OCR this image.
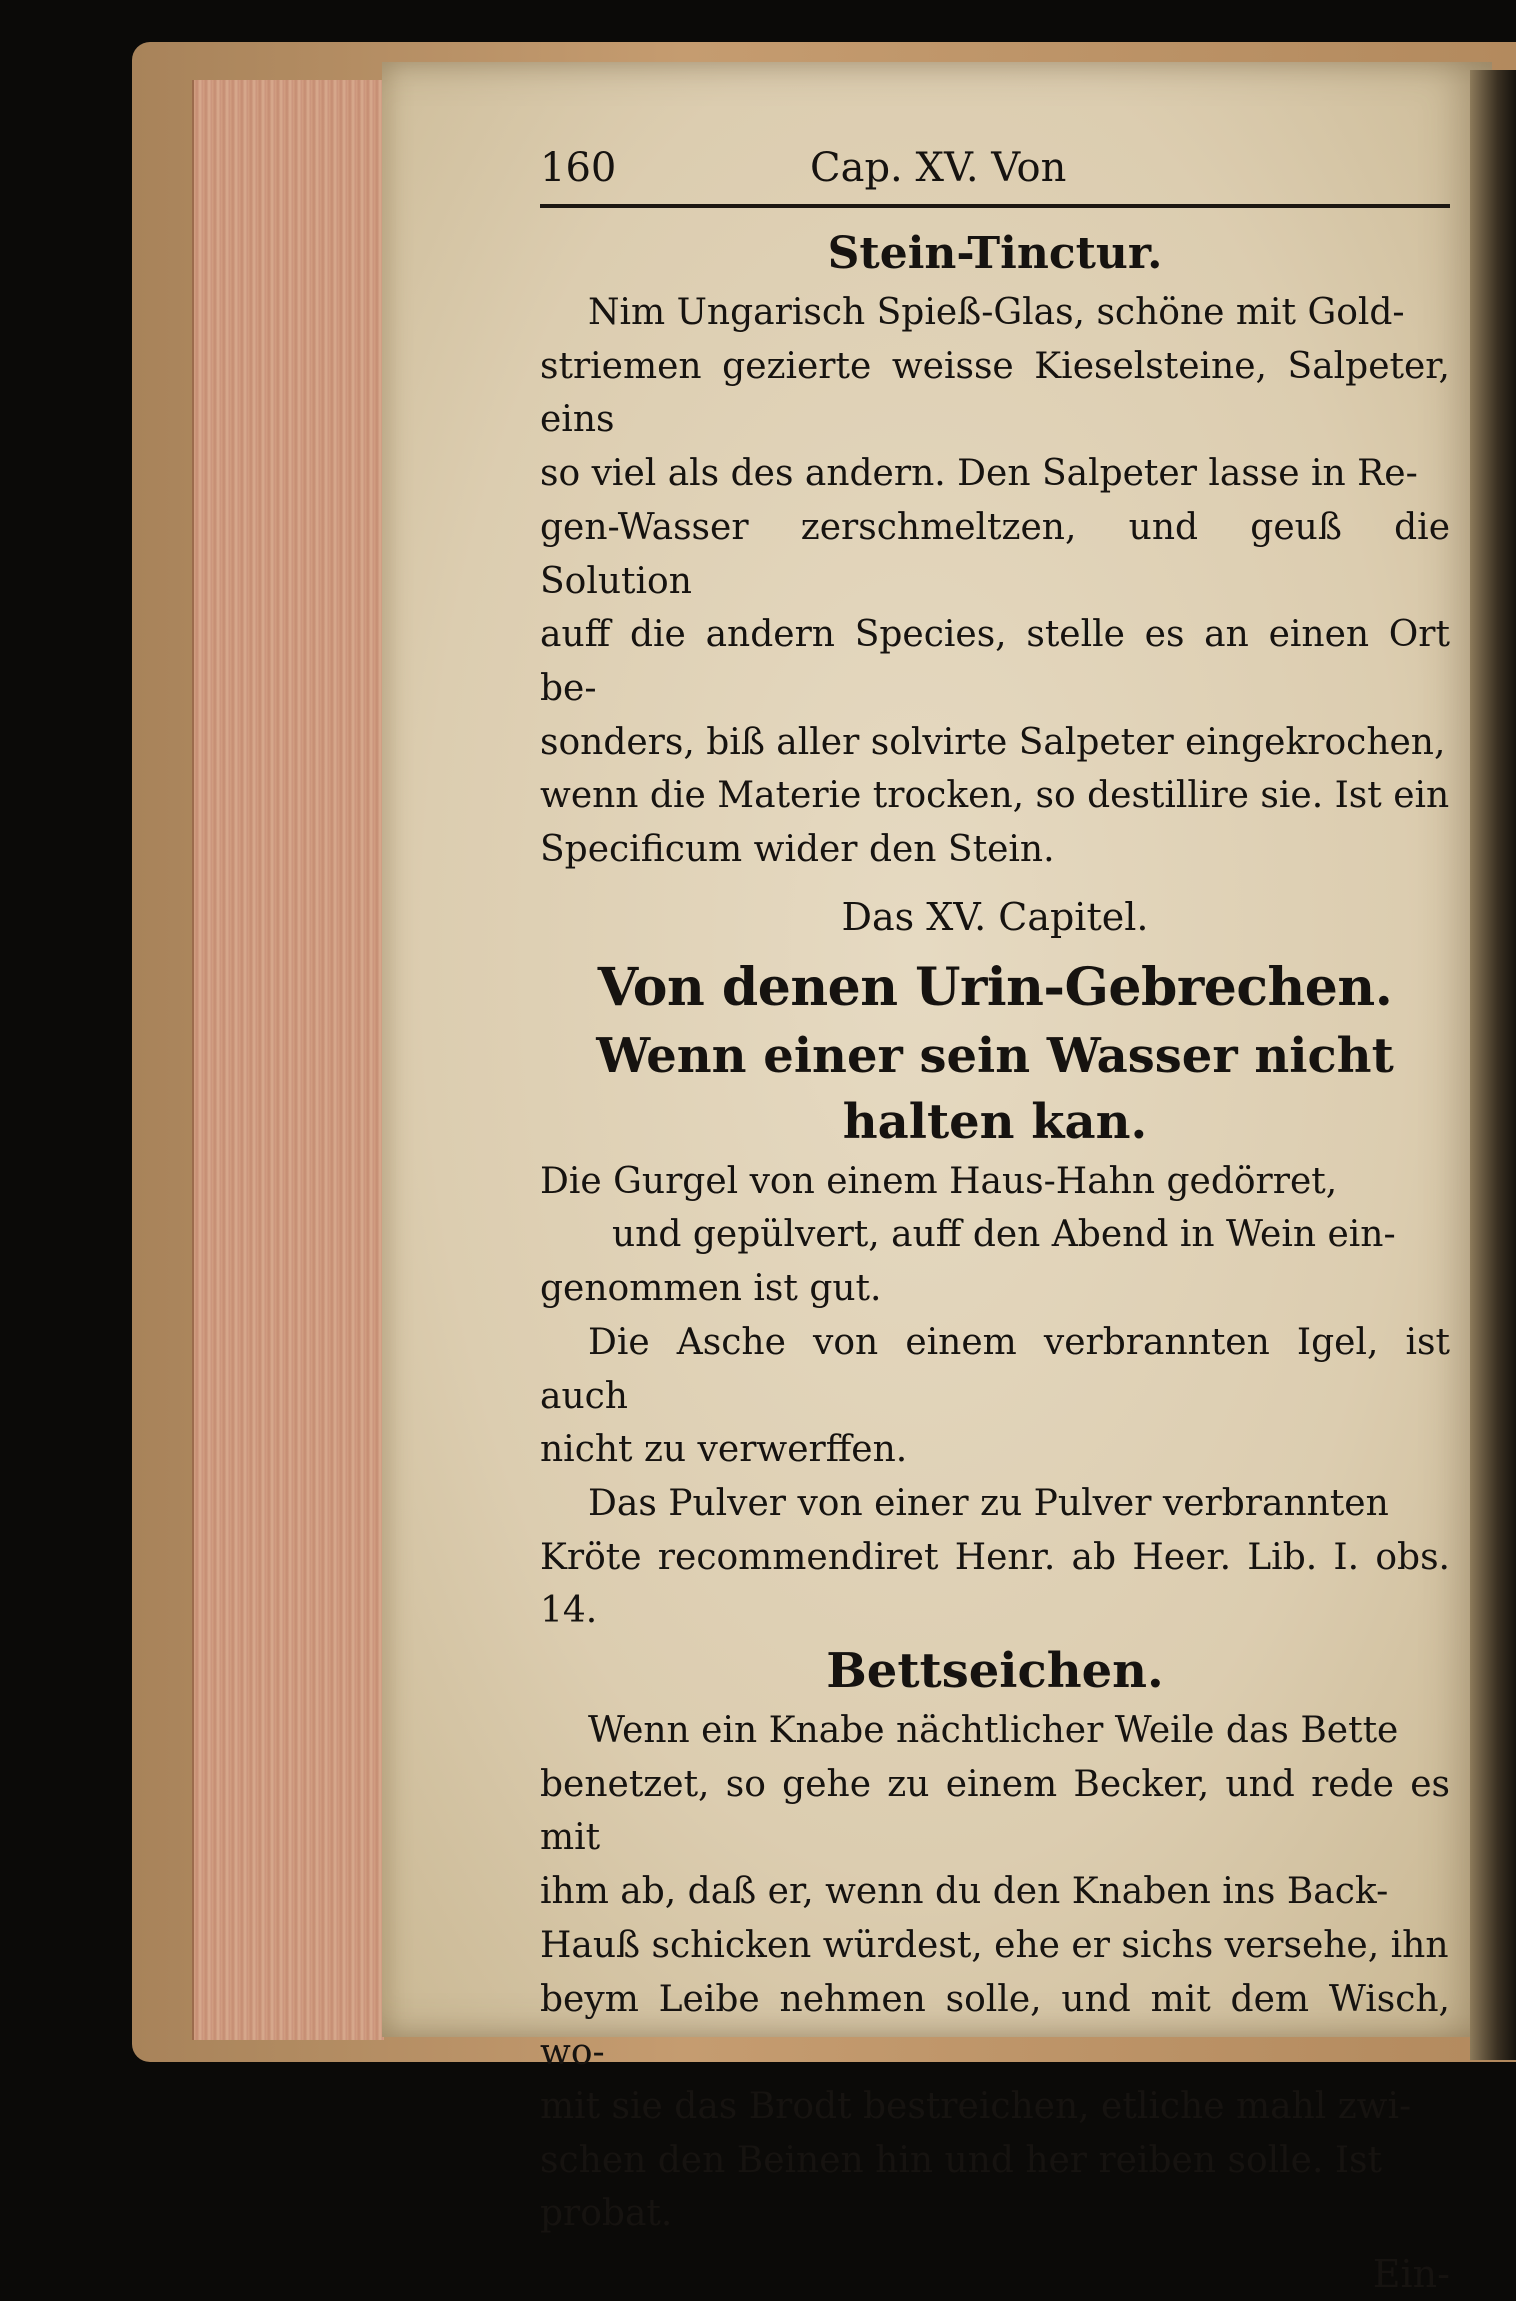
160	Cap. XV. Von
Stein-Tinctur.

Nim Ungarisch Spieß-Glas, schöne mit Gold-
striemen gezierte weisse Kieselsteine, Salpeter, eins
so viel als des andern. Den Salpeter lasse in Re-
gen-Wasser zerschmeltzen, und geuß die Solution
auff die andern Species, stelle es an einen Ort be-
sonders, biß aller solvirte Salpeter eingekrochen,
wenn die Materie trocken, so destillire sie. Ist ein
Specificum wider den Stein.

Das XV. Capitel.
Von denen Urin-Gebrechen.
Wenn einer sein Wasser nicht halten kan.

Die Gurgel von einem Haus-Hahn gedörret,
und gepülvert, auff den Abend in Wein ein-
genommen ist gut.

Die Asche von einem verbrannten Igel, ist auch
nicht zu verwerffen.

Das Pulver von einer zu Pulver verbrannten
Kröte recommendiret Henr. ab Heer. Lib. I. obs. 14.

Bettseichen.

Wenn ein Knabe nächtlicher Weile das Bette
benetzet, so gehe zu einem Becker, und rede es mit
ihm ab, daß er, wenn du den Knaben ins Back-
Hauß schicken würdest, ehe er sichs versehe, ihn
beym Leibe nehmen solle, und mit dem Wisch, wo-
mit sie das Brodt bestreichen, etliche mahl zwi-
schen den Beinen hin und her reiben solle. Ist
probat.

Ein-
